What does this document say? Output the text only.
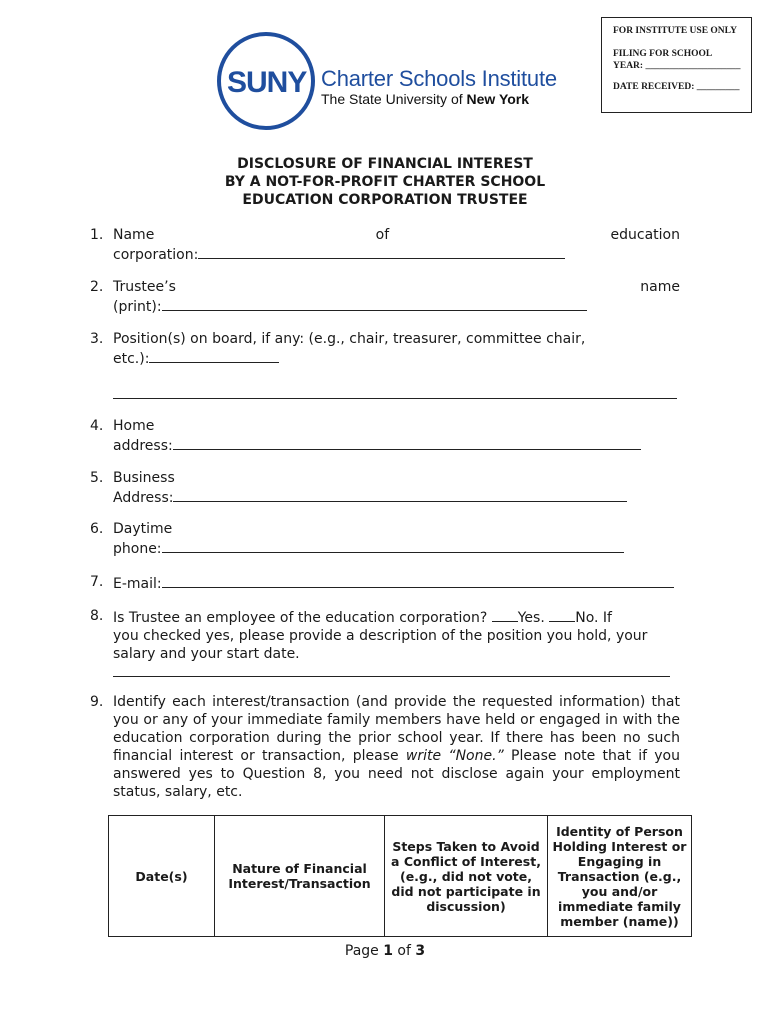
FOR INSTITUTE USE ONLY
FILING FOR SCHOOL
YEAR: ____________________
DATE RECEIVED: _________
SUNY Charter Schools Institute
The State University of New York
DISCLOSURE OF FINANCIAL INTEREST
BY A NOT-FOR-PROFIT CHARTER SCHOOL
EDUCATION CORPORATION TRUSTEE
1. Name	of	education
corporation:
2. Trustee’s	name
(print):
3. Position(s) on board, if any: (e.g., chair, treasurer, committee chair,
etc.):
4. Home
address:
5. Business
Address:
6. Daytime
phone:
7. E-mail:
8. Is Trustee an employee of the education corporation? Yes. No. If
you checked yes, please provide a description of the position you hold, your
salary and your start date.
9. Identify each interest/transaction (and provide the requested information) that you or any of your immediate family members have held or engaged in with the education corporation during the prior school year. If there has been no such financial interest or transaction, please write “None.” Please note that if you answered yes to Question 8, you need not disclose again your employment status, salary, etc.
Date(s)	Nature of Financial Interest/Transaction	Steps Taken to Avoid a Conflict of Interest, (e.g., did not vote, did not participate in discussion)	Identity of Person Holding Interest or Engaging in Transaction (e.g., you and/or immediate family member (name))
Page 1 of 3
